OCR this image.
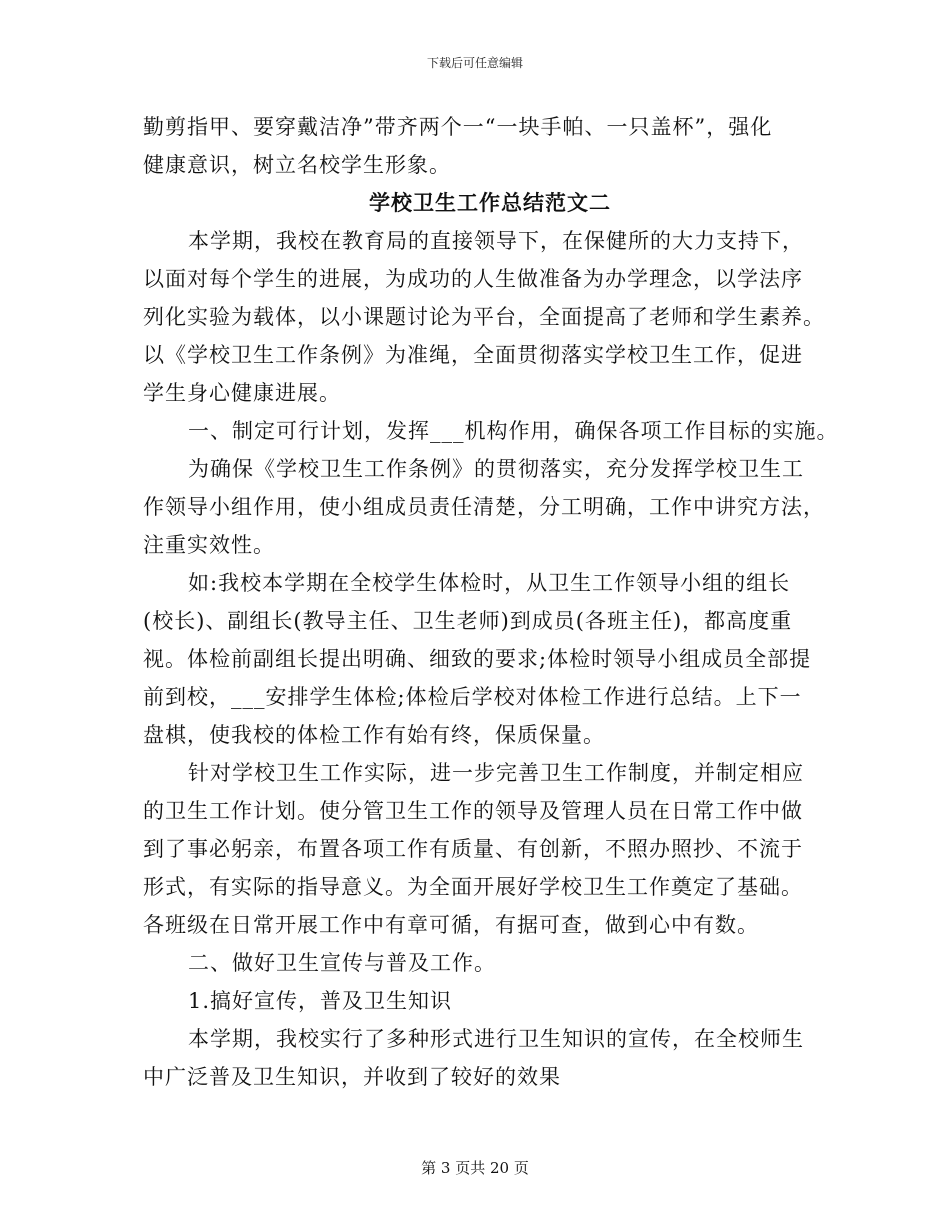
下载后可任意编辑
勤剪指甲、要穿戴洁净”带齐两个一“一块手帕、一只盖杯”，强化
健康意识，树立名校学生形象。
学校卫生工作总结范文二
本学期，我校在教育局的直接领导下，在保健所的大力支持下，
以面对每个学生的进展，为成功的人生做准备为办学理念，以学法序
列化实验为载体，以小课题讨论为平台，全面提高了老师和学生素养。
以《学校卫生工作条例》为准绳，全面贯彻落实学校卫生工作，促进
学生身心健康进展。
一、制定可行计划，发挥___机构作用，确保各项工作目标的实施。
为确保《学校卫生工作条例》的贯彻落实，充分发挥学校卫生工
作领导小组作用，使小组成员责任清楚，分工明确，工作中讲究方法，
注重实效性。
如:我校本学期在全校学生体检时，从卫生工作领导小组的组长
(校长)、副组长(教导主任、卫生老师)到成员(各班主任)，都高度重
视。体检前副组长提出明确、细致的要求;体检时领导小组成员全部提
前到校，___安排学生体检;体检后学校对体检工作进行总结。上下一
盘棋，使我校的体检工作有始有终，保质保量。
针对学校卫生工作实际，进一步完善卫生工作制度，并制定相应
的卫生工作计划。使分管卫生工作的领导及管理人员在日常工作中做
到了事必躬亲，布置各项工作有质量、有创新，不照办照抄、不流于
形式，有实际的指导意义。为全面开展好学校卫生工作奠定了基础。
各班级在日常开展工作中有章可循，有据可查，做到心中有数。
二、做好卫生宣传与普及工作。
1.搞好宣传，普及卫生知识
本学期，我校实行了多种形式进行卫生知识的宣传，在全校师生
中广泛普及卫生知识，并收到了较好的效果
第 3 页共 20 页
